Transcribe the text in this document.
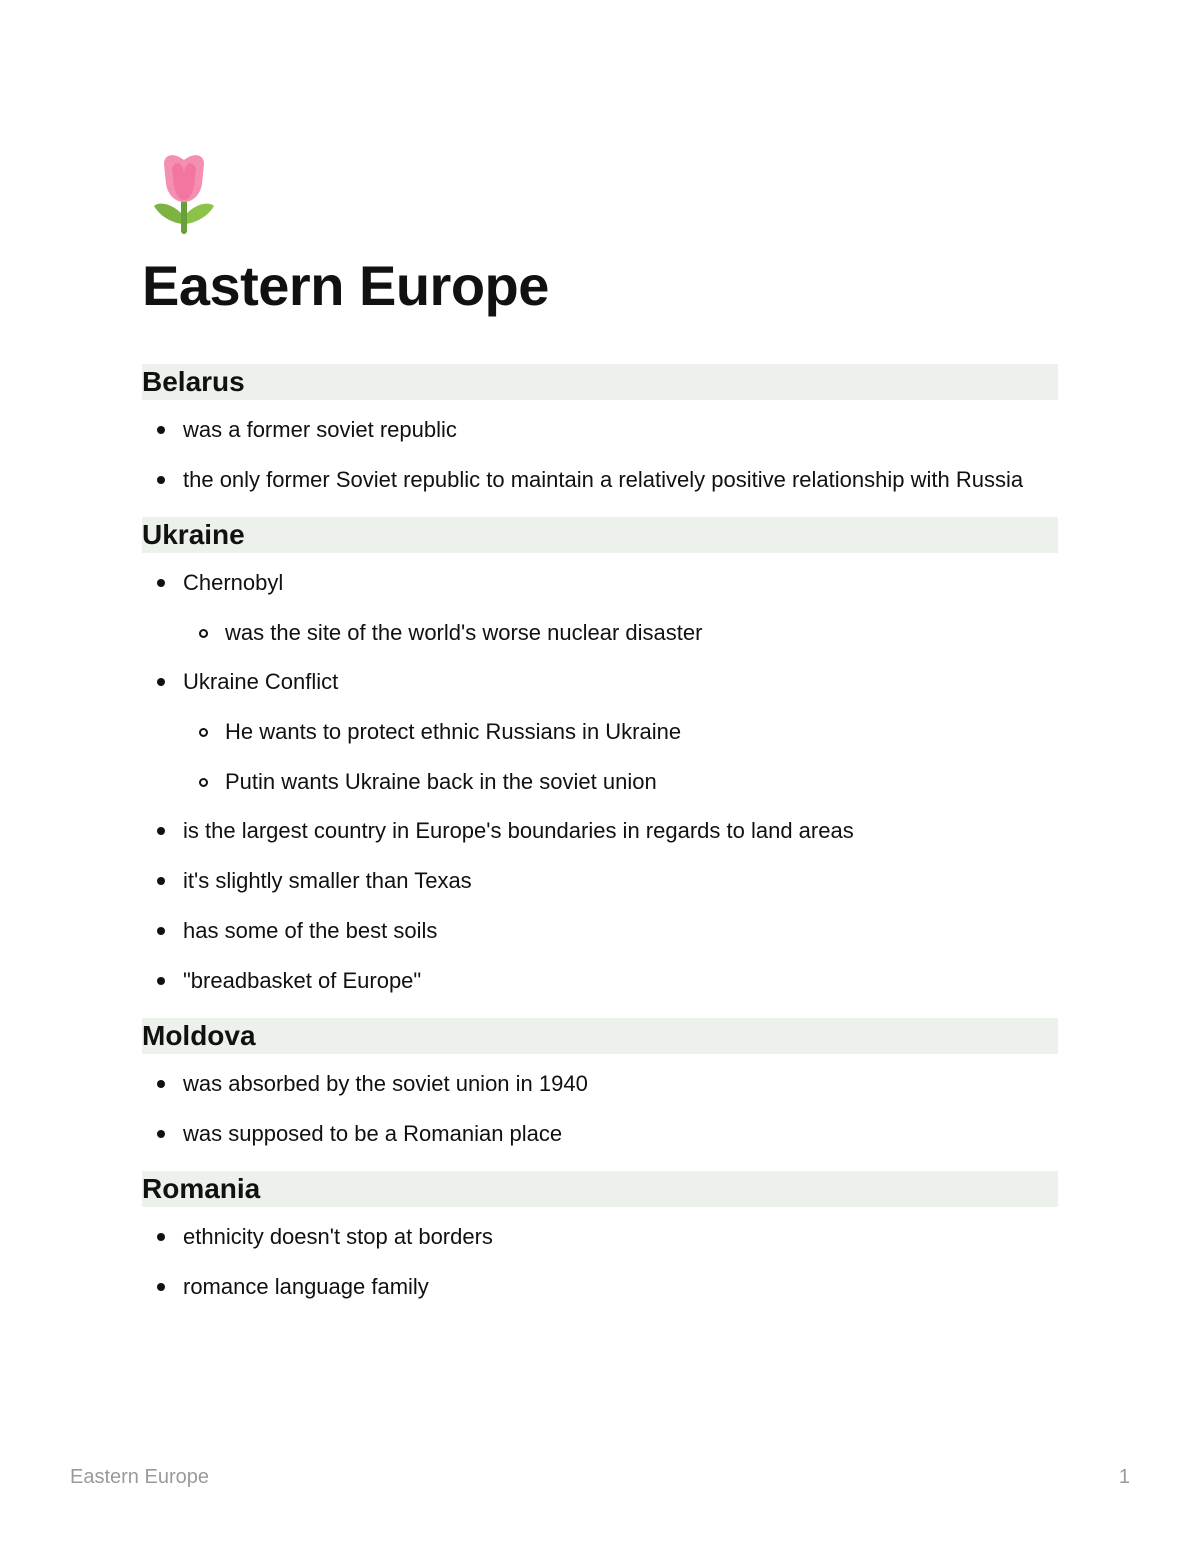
Eastern Europe
Belarus
was a former soviet republic
the only former Soviet republic to maintain a relatively positive relationship with Russia
Ukraine
Chernobyl
was the site of the world's worse nuclear disaster
Ukraine Conflict
He wants to protect ethnic Russians in Ukraine
Putin wants Ukraine back in the soviet union
is the largest country in Europe's boundaries in regards to land areas
it's slightly smaller than Texas
has some of the best soils
"breadbasket of Europe"
Moldova
was absorbed by the soviet union in 1940
was supposed to be a Romanian place
Romania
ethnicity doesn't stop at borders
romance language family
Eastern Europe	1
